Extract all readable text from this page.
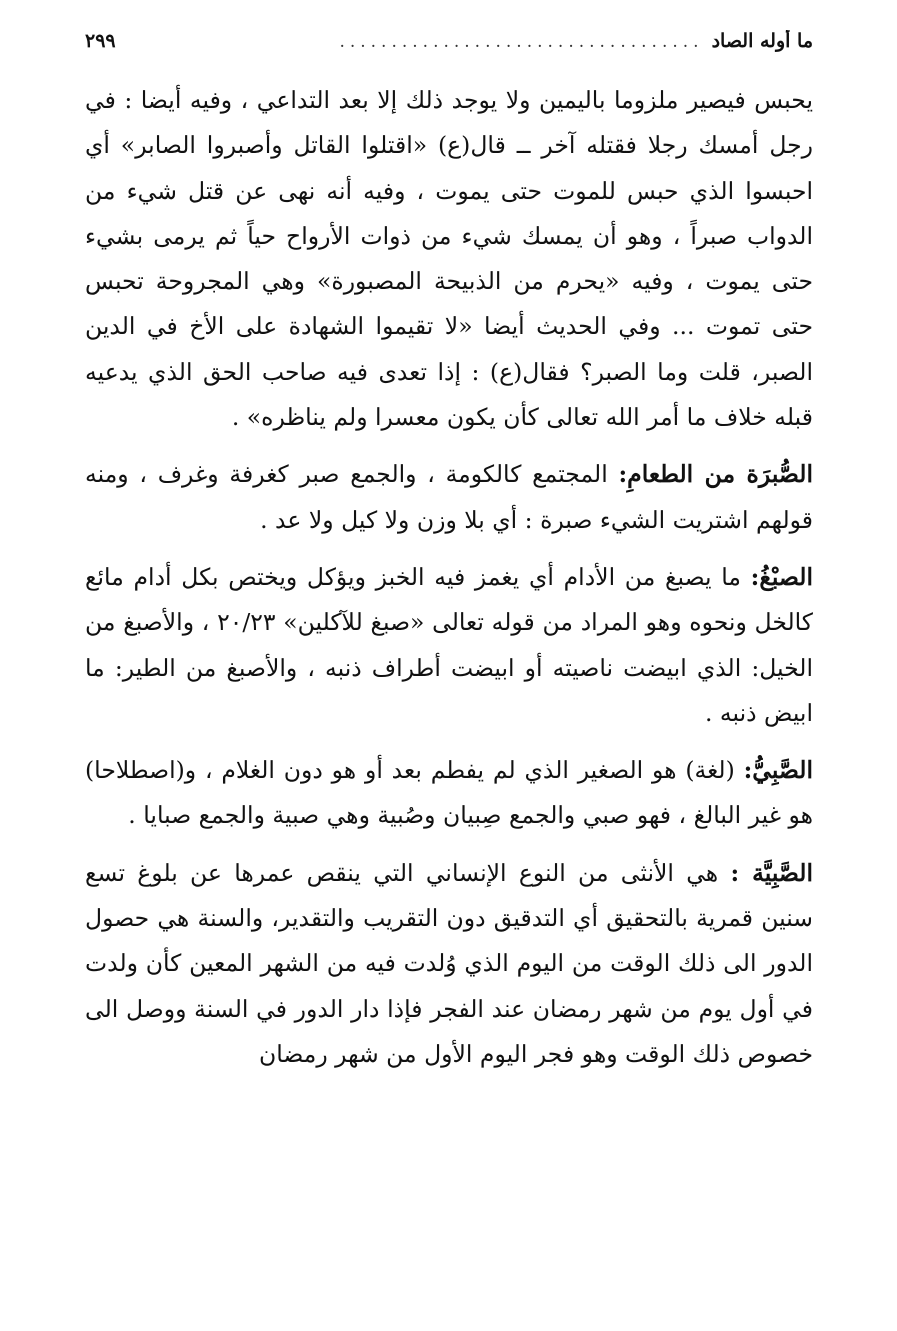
ما أوله الصاد
...................................
٢٩٩

يحبس فيصير ملزوما باليمين ولا يوجد ذلك إلا بعد التداعي ، وفيه أيضا : في رجل أمسك رجلا فقتله آخر ــ قال(ع) «اقتلوا القاتل وأصبروا الصابر» أي احبسوا الذي حبس للموت حتى يموت ، وفيه أنه نهى عن قتل شيء من الدواب صبراً ، وهو أن يمسك شيء من ذوات الأرواح حياً ثم يرمى بشيء حتى يموت ، وفيه «يحرم من الذبيحة المصبورة» وهي المجروحة تحبس حتى تموت ... وفي الحديث أيضا «لا تقيموا الشهادة على الأخ في الدين الصبر، قلت وما الصبر؟ فقال(ع) : إذا تعدى فيه صاحب الحق الذي يدعيه قبله خلاف ما أمر الله تعالى كأن يكون معسرا ولم يناظره» .

الصُّبرَة من الطعامِ: المجتمع كالكومة ، والجمع صبر كغرفة وغرف ، ومنه قولهم اشتريت الشيء صبرة : أي بلا وزن ولا كيل ولا عد .

الصبْغُ: ما يصبغ من الأدام أي يغمز فيه الخبز ويؤكل ويختص بكل أدام مائع كالخل ونحوه وهو المراد من قوله تعالى «صبغ للآكلين» ٢٠/٢٣ ، والأصبغ من الخيل: الذي ابيضت ناصيته أو ابيضت أطراف ذنبه ، والأصبغ من الطير: ما ابيض ذنبه .

الصَّبِيُّ: (لغة) هو الصغير الذي لم يفطم بعد أو هو دون الغلام ، و(اصطلاحا) هو غير البالغ ، فهو صبي والجمع صِبيان وصُبية وهي صبية والجمع صبايا .

الصَّبِيَّة : هي الأنثى من النوع الإنساني التي ينقص عمرها عن بلوغ تسع سنين قمرية بالتحقيق أي التدقيق دون التقريب والتقدير، والسنة هي حصول الدور الى ذلك الوقت من اليوم الذي وُلدت فيه من الشهر المعين كأن ولدت في أول يوم من شهر رمضان عند الفجر فإذا دار الدور في السنة ووصل الى خصوص ذلك الوقت وهو فجر اليوم الأول من شهر رمضان
